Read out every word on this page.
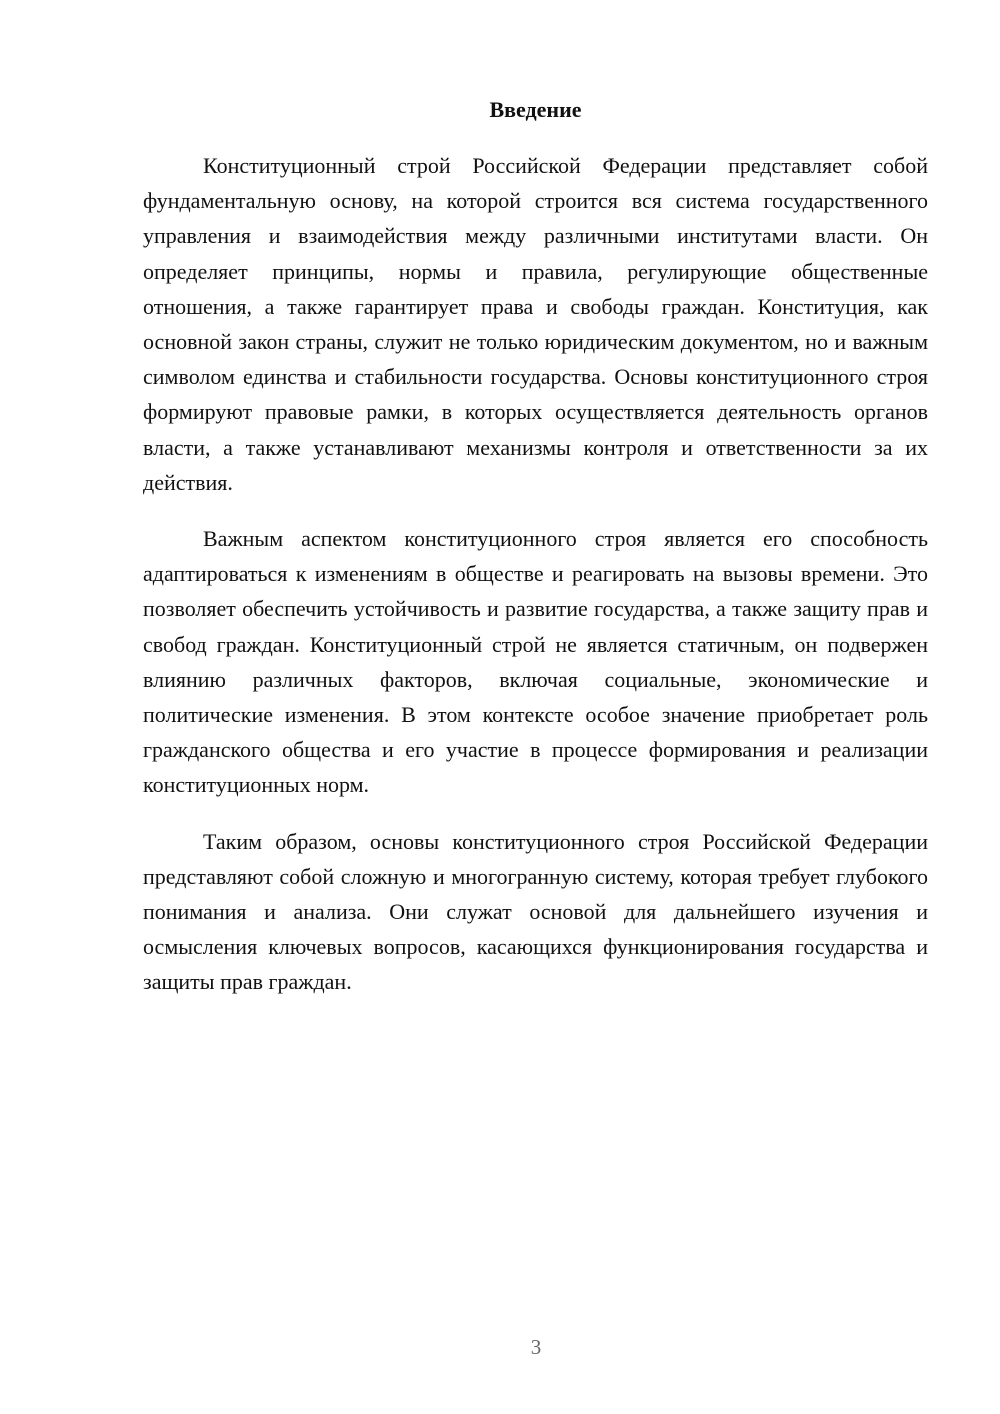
Введение

Конституционный строй Российской Федерации представляет собой фундаментальную основу, на которой строится вся система государственного управления и взаимодействия между различными институтами власти. Он определяет принципы, нормы и правила, регулирующие общественные отношения, а также гарантирует права и свободы граждан. Конституция, как основной закон страны, служит не только юридическим документом, но и важным символом единства и стабильности государства. Основы конституционного строя формируют правовые рамки, в которых осуществляется деятельность органов власти, а также устанавливают механизмы контроля и ответственности за их действия.

Важным аспектом конституционного строя является его способность адаптироваться к изменениям в обществе и реагировать на вызовы времени. Это позволяет обеспечить устойчивость и развитие государства, а также защиту прав и свобод граждан. Конституционный строй не является статичным, он подвержен влиянию различных факторов, включая социальные, экономические и политические изменения. В этом контексте особое значение приобретает роль гражданского общества и его участие в процессе формирования и реализации конституционных норм.

Таким образом, основы конституционного строя Российской Федерации представляют собой сложную и многогранную систему, которая требует глубокого понимания и анализа. Они служат основой для дальнейшего изучения и осмысления ключевых вопросов, касающихся функционирования государства и защиты прав граждан.

3
